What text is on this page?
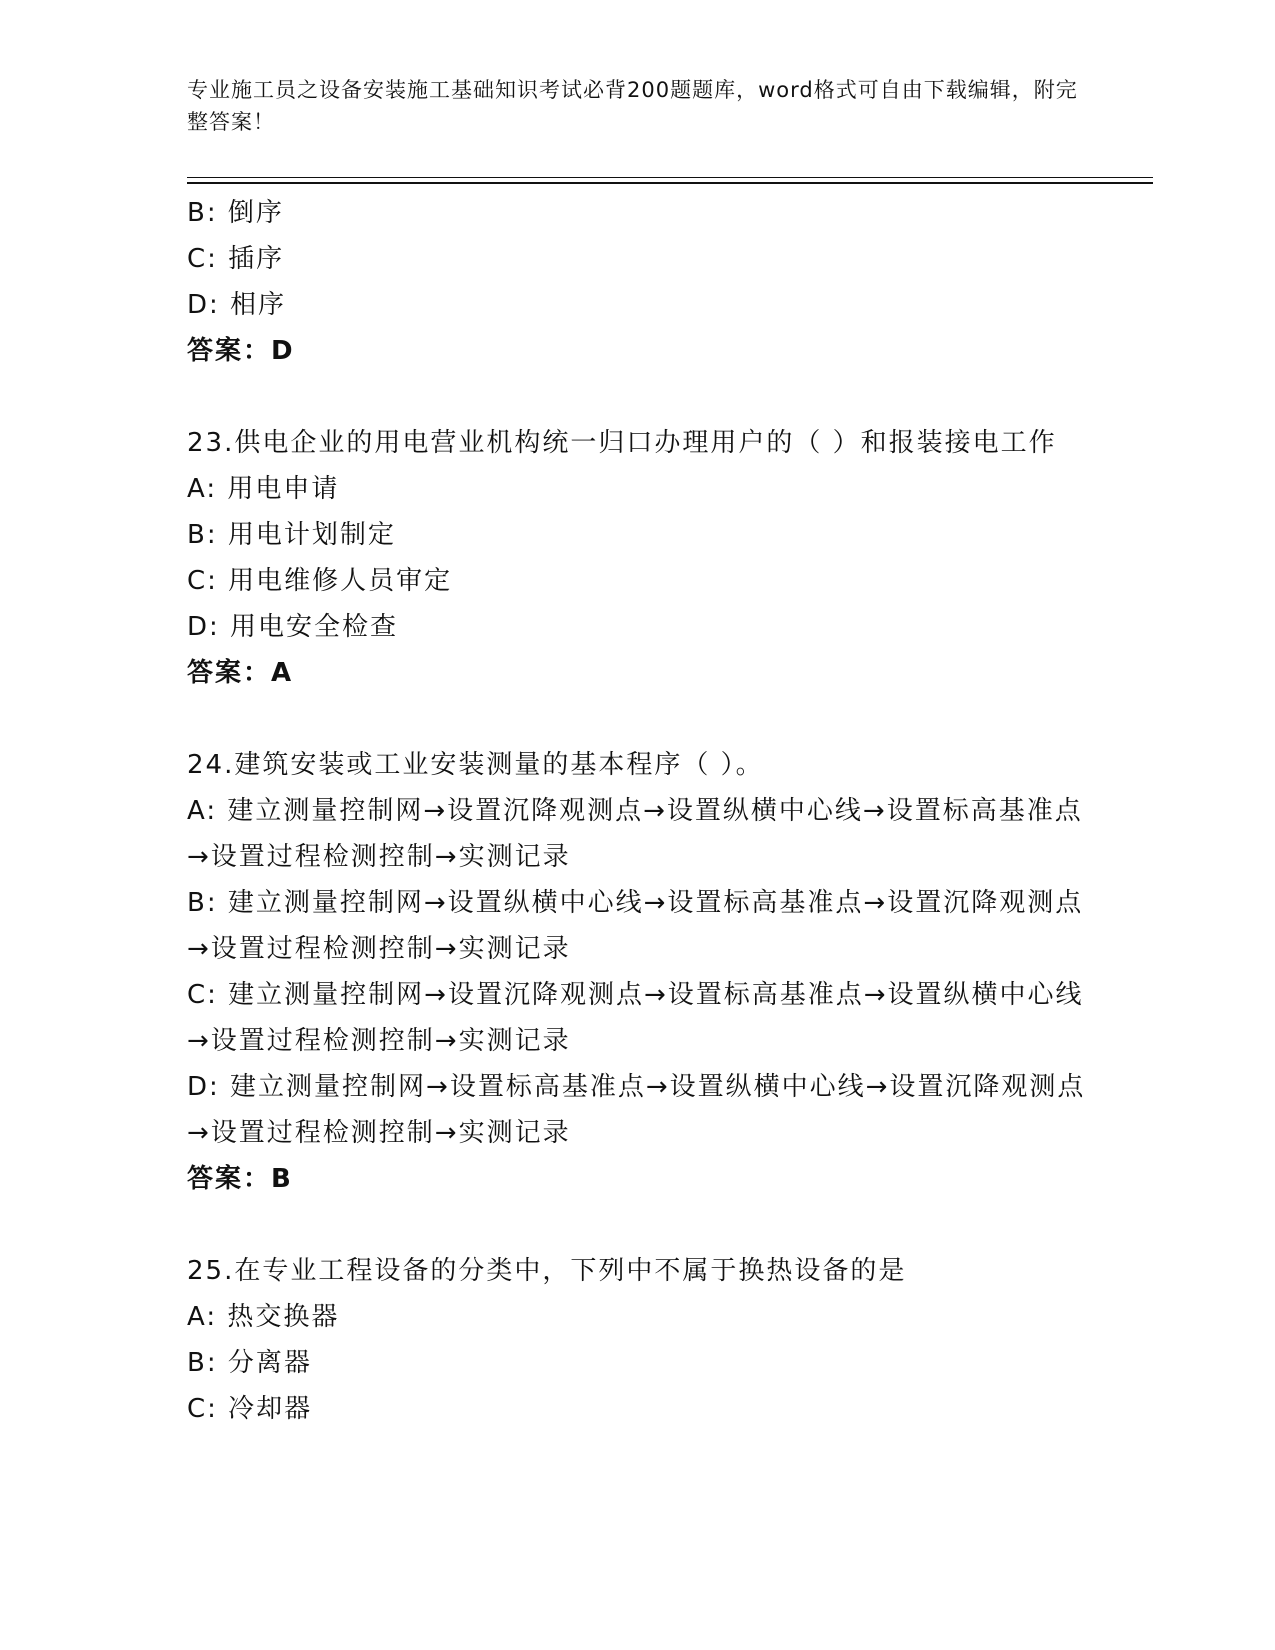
专业施工员之设备安装施工基础知识考试必背200题题库，word格式可自由下载编辑，附完整答案！
B: 倒序
C: 插序
D: 相序
答案：D
23.供电企业的用电营业机构统一归口办理用户的（ ）和报装接电工作
A: 用电申请
B: 用电计划制定
C: 用电维修人员审定
D: 用电安全检查
答案：A
24.建筑安装或工业安装测量的基本程序（ ）。
A: 建立测量控制网→设置沉降观测点→设置纵横中心线→设置标高基准点→设置过程检测控制→实测记录
B: 建立测量控制网→设置纵横中心线→设置标高基准点→设置沉降观测点→设置过程检测控制→实测记录
C: 建立测量控制网→设置沉降观测点→设置标高基准点→设置纵横中心线→设置过程检测控制→实测记录
D: 建立测量控制网→设置标高基准点→设置纵横中心线→设置沉降观测点→设置过程检测控制→实测记录
答案：B
25.在专业工程设备的分类中，下列中不属于换热设备的是
A: 热交换器
B: 分离器
C: 冷却器
